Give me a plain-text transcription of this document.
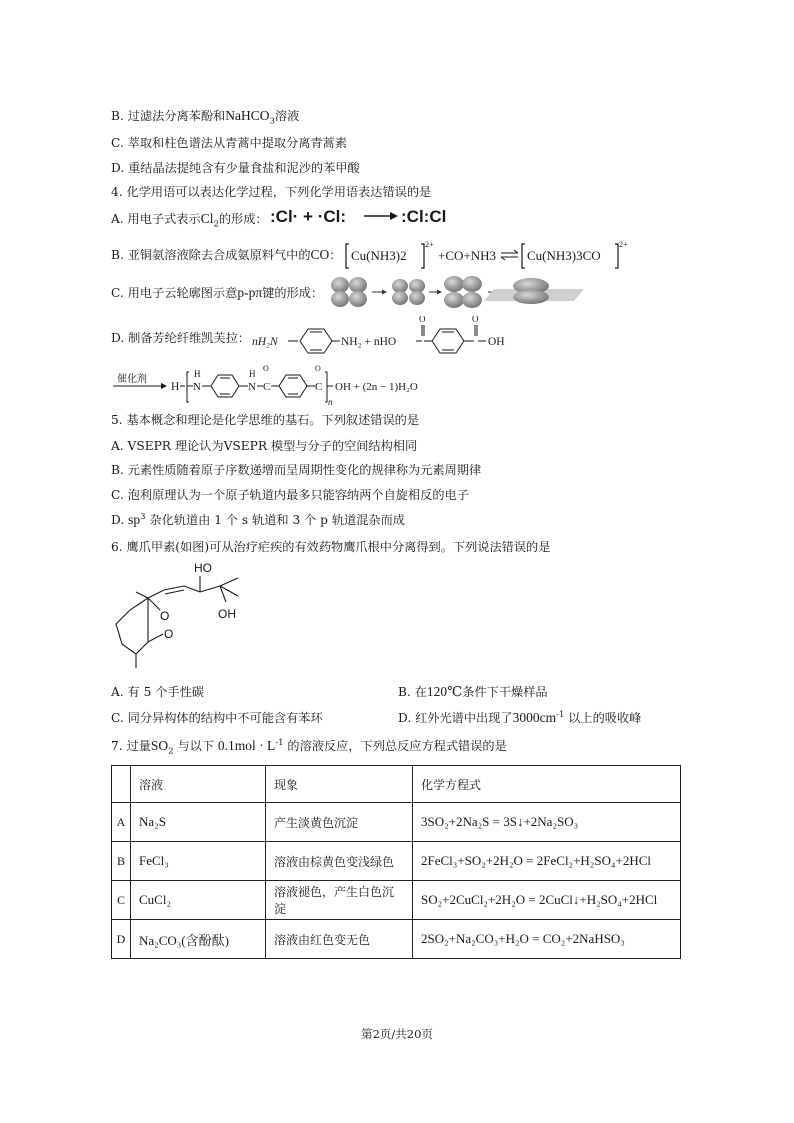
B. 过滤法分离苯酚和NaHCO$_3$溶液
C. 萃取和柱色谱法从青蒿中提取分离青蒿素
D. 重结晶法提纯含有少量食盐和泥沙的苯甲酸
4. 化学用语可以表达化学过程，下列化学用语表达错误的是
A. 用电子式表示$Cl_2$的形成： :Cl· + ·Cl:	:Cl:Cl:
B. 亚铜氨溶液除去合成氨原料气中的CO： Cu(NH3)2
2+
+CO+NH3 Cu(NH3)3CO
2+
C. 用电子云轮廓图示意p-pπ键的形成：
D. 制备芳纶纤维凯芙拉： nH₂N	NH₂ + nHO
O	O
OH
催化剂
H N
H
N
H
C
O
C
O
n
OH + (2n − 1)H₂O
5. 基本概念和理论是化学思维的基石。下列叙述错误的是
A. VSEPR 理论认为VSEPR 模型与分子的空间结构相同
B. 元素性质随着原子序数递增而呈周期性变化的规律称为元素周期律
C. 泡利原理认为一个原子轨道内最多只能容纳两个自旋相反的电子
D. $sp^3$ 杂化轨道由 1 个 s 轨道和 3 个 p 轨道混杂而成
6. 鹰爪甲素(如图)可从治疗疟疾的有效药物鹰爪根中分离得到。下列说法错误的是
HO
OH
O
O
A. 有 5 个手性碳	B. 在120℃条件下干燥样品
C. 同分异构体的结构中不可能含有苯环	D. 红外光谱中出现了$3000cm^{-1}$ 以上的吸收峰
7. 过量$SO_2$ 与以下 $0.1mol \cdot L^{-1}$ 的溶液反应，下列总反应方程式错误的是
	溶液	现象	化学方程式
A	Na₂S	产生淡黄色沉淀	3SO₂+2Na₂S = 3S↓+2Na₂SO₃
B	FeCl₃	溶液由棕黄色变浅绿色	2FeCl₃+SO₂+2H₂O = 2FeCl₂+H₂SO₄+2HCl
C	CuCl₂	溶液褪色，产生白色沉淀	SO₂+2CuCl₂+2H₂O = 2CuCl↓+H₂SO₄+2HCl
D	Na₂CO₃(含酚酞)	溶液由红色变无色	2SO₂+Na₂CO₃+H₂O = CO₂+2NaHSO₃
第2页/共20页
